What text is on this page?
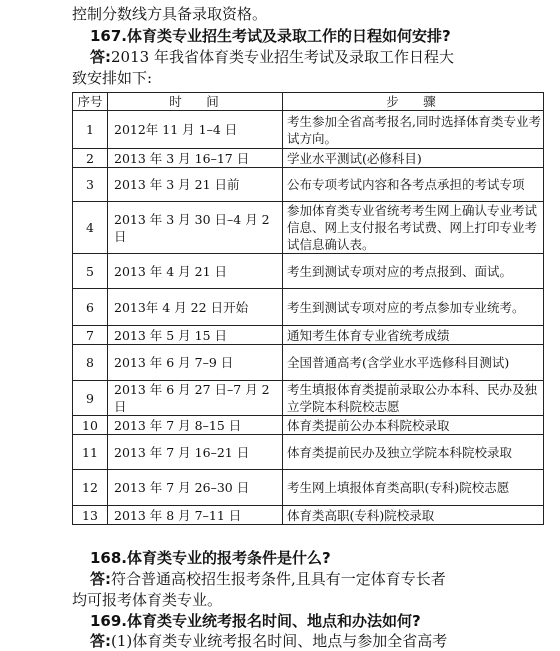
控制分数线方具备录取资格。
167.体育类专业招生考试及录取工作的日程如何安排?
答:2013 年我省体育类专业招生考试及录取工作日程大
致安排如下:
序号	时　间	步　骤
1	2012年 11 月 1–4 日	考生参加全省高考报名,同时选择体育类专业考试方向。
2	2013 年 3 月 16–17 日	学业水平测试(必修科目)
3	2013 年 3 月 21 日前	公布专项考试内容和各考点承担的考试专项
4	2013 年 3 月 30 日–4 月 2 日	参加体育类专业省统考考生网上确认专业考试信息、网上支付报名考试费、网上打印专业考试信息确认表。
5	2013 年 4 月 21 日	考生到测试专项对应的考点报到、面试。
6	2013年 4 月 22 日开始	考生到测试专项对应的考点参加专业统考。
7	2013 年 5 月 15 日	通知考生体育专业省统考成绩
8	2013 年 6 月 7–9 日	全国普通高考(含学业水平选修科目测试)
9	2013 年 6 月 27 日–7 月 2 日	考生填报体育类提前录取公办本科、民办及独立学院本科院校志愿
10	2013 年 7 月 8–15 日	体育类提前公办本科院校录取
11	2013 年 7 月 16–21 日	体育类提前民办及独立学院本科院校录取
12	2013 年 7 月 26–30 日	考生网上填报体育类高职(专科)院校志愿
13	2013 年 8 月 7–11 日	体育类高职(专科)院校录取
168.体育类专业的报考条件是什么?
答:符合普通高校招生报考条件,且具有一定体育专长者
均可报考体育类专业。
169.体育类专业统考报名时间、地点和办法如何?
答:(1)体育类专业统考报名时间、地点与参加全省高考
